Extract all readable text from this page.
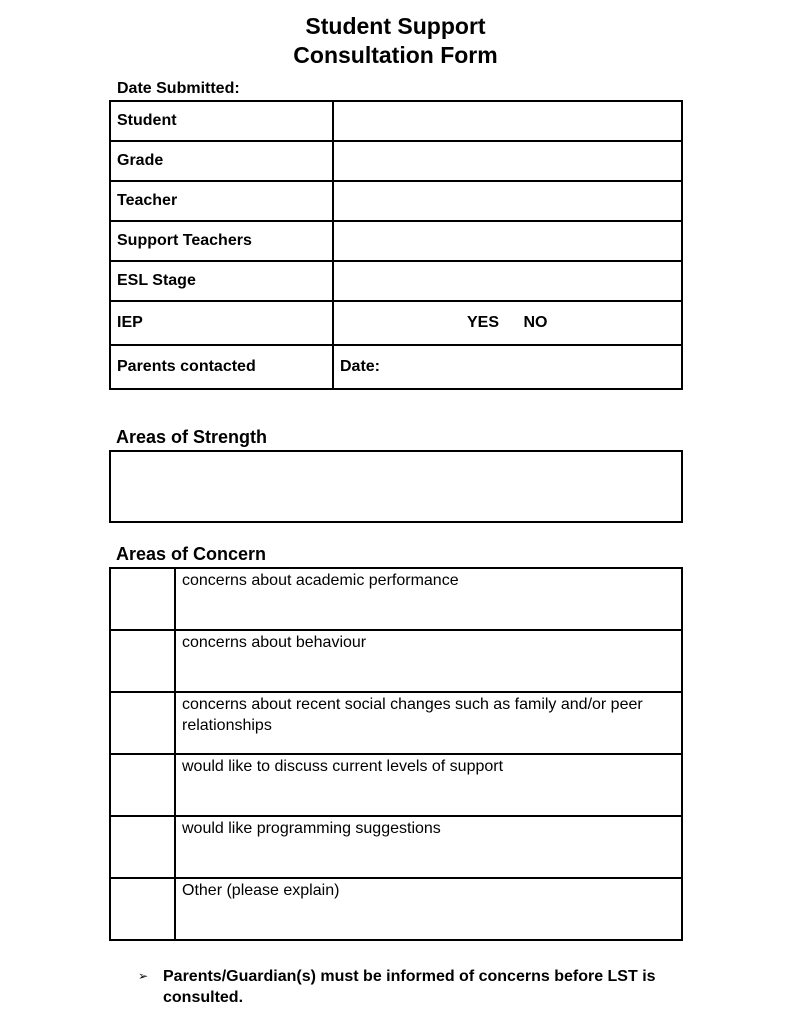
Student Support
Consultation Form
Date Submitted:
Student	
Grade	
Teacher	
Support Teachers	
ESL Stage	
IEP	YES NO
Parents contacted	Date:
Areas of Strength
Areas of Concern
	concerns about academic performance
	concerns about behaviour
	concerns about recent social changes such as family and/or peer relationships
	would like to discuss current levels of support
	would like programming suggestions
	Other (please explain)
➢ Parents/Guardian(s) must be informed of concerns before LST is consulted.
